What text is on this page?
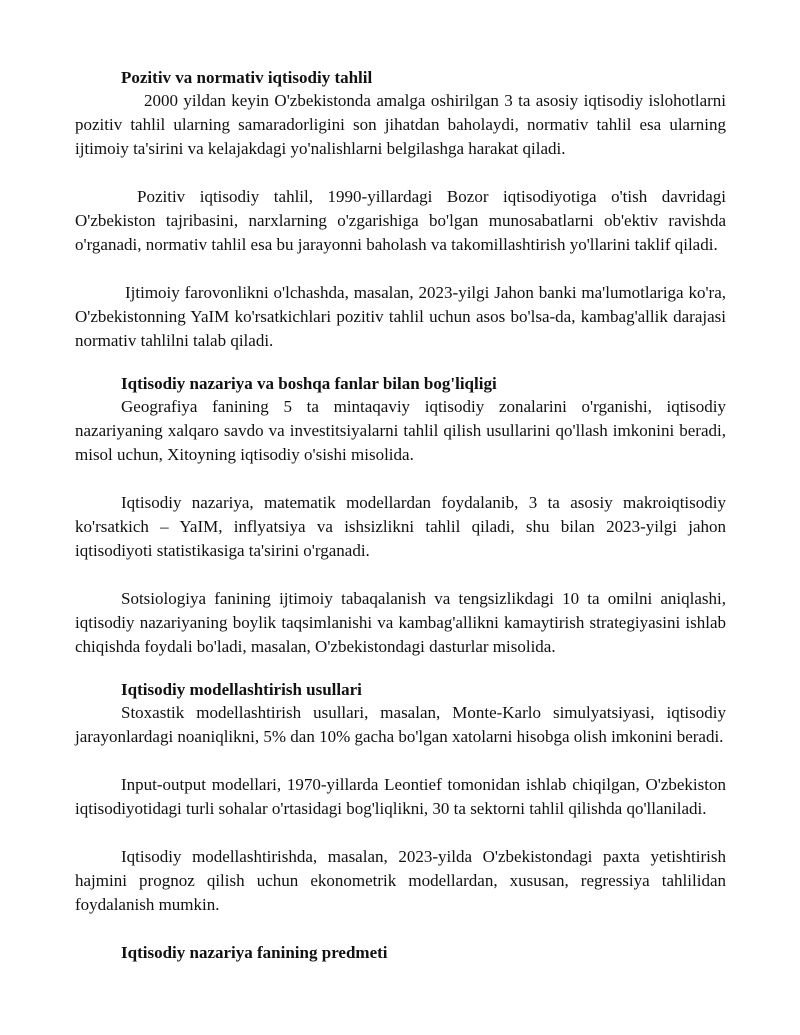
Pozitiv va normativ iqtisodiy tahlil

2000 yildan keyin O'zbekistonda amalga oshirilgan 3 ta asosiy iqtisodiy islohotlarni pozitiv tahlil ularning samaradorligini son jihatdan baholaydi, normativ tahlil esa ularning ijtimoiy ta'sirini va kelajakdagi yo'nalishlarni belgilashga harakat qiladi.

Pozitiv iqtisodiy tahlil, 1990-yillardagi Bozor iqtisodiyotiga o'tish davridagi O'zbekiston tajribasini, narxlarning o'zgarishiga bo'lgan munosabatlarni ob'ektiv ravishda o'rganadi, normativ tahlil esa bu jarayonni baholash va takomillashtirish yo'llarini taklif qiladi.

Ijtimoiy farovonlikni o'lchashda, masalan, 2023-yilgi Jahon banki ma'lumotlariga ko'ra, O'zbekistonning YaIM ko'rsatkichlari pozitiv tahlil uchun asos bo'lsa-da, kambag'allik darajasi normativ tahlilni talab qiladi.

Iqtisodiy nazariya va boshqa fanlar bilan bog'liqligi

Geografiya fanining 5 ta mintaqaviy iqtisodiy zonalarini o'rganishi, iqtisodiy nazariyaning xalqaro savdo va investitsiyalarni tahlil qilish usullarini qo'llash imkonini beradi, misol uchun, Xitoyning iqtisodiy o'sishi misolida.

Iqtisodiy nazariya, matematik modellardan foydalanib, 3 ta asosiy makroiqtisodiy ko'rsatkich – YaIM, inflyatsiya va ishsizlikni tahlil qiladi, shu bilan 2023-yilgi jahon iqtisodiyoti statistikasiga ta'sirini o'rganadi.

Sotsiologiya fanining ijtimoiy tabaqalanish va tengsizlikdagi 10 ta omilni aniqlashi, iqtisodiy nazariyaning boylik taqsimlanishi va kambag'allikni kamaytirish strategiyasini ishlab chiqishda foydali bo'ladi, masalan, O'zbekistondagi dasturlar misolida.

Iqtisodiy modellashtirish usullari

Stoxastik modellashtirish usullari, masalan, Monte-Karlo simulyatsiyasi, iqtisodiy jarayonlardagi noaniqlikni, 5% dan 10% gacha bo'lgan xatolarni hisobga olish imkonini beradi.

Input-output modellari, 1970-yillarda Leontief tomonidan ishlab chiqilgan, O'zbekiston iqtisodiyotidagi turli sohalar o'rtasidagi bog'liqlikni, 30 ta sektorni tahlil qilishda qo'llaniladi.

Iqtisodiy modellashtirishda, masalan, 2023-yilda O'zbekistondagi paxta yetishtirish hajmini prognoz qilish uchun ekonometrik modellardan, xususan, regressiya tahlilidan foydalanish mumkin.

Iqtisodiy nazariya fanining predmeti
